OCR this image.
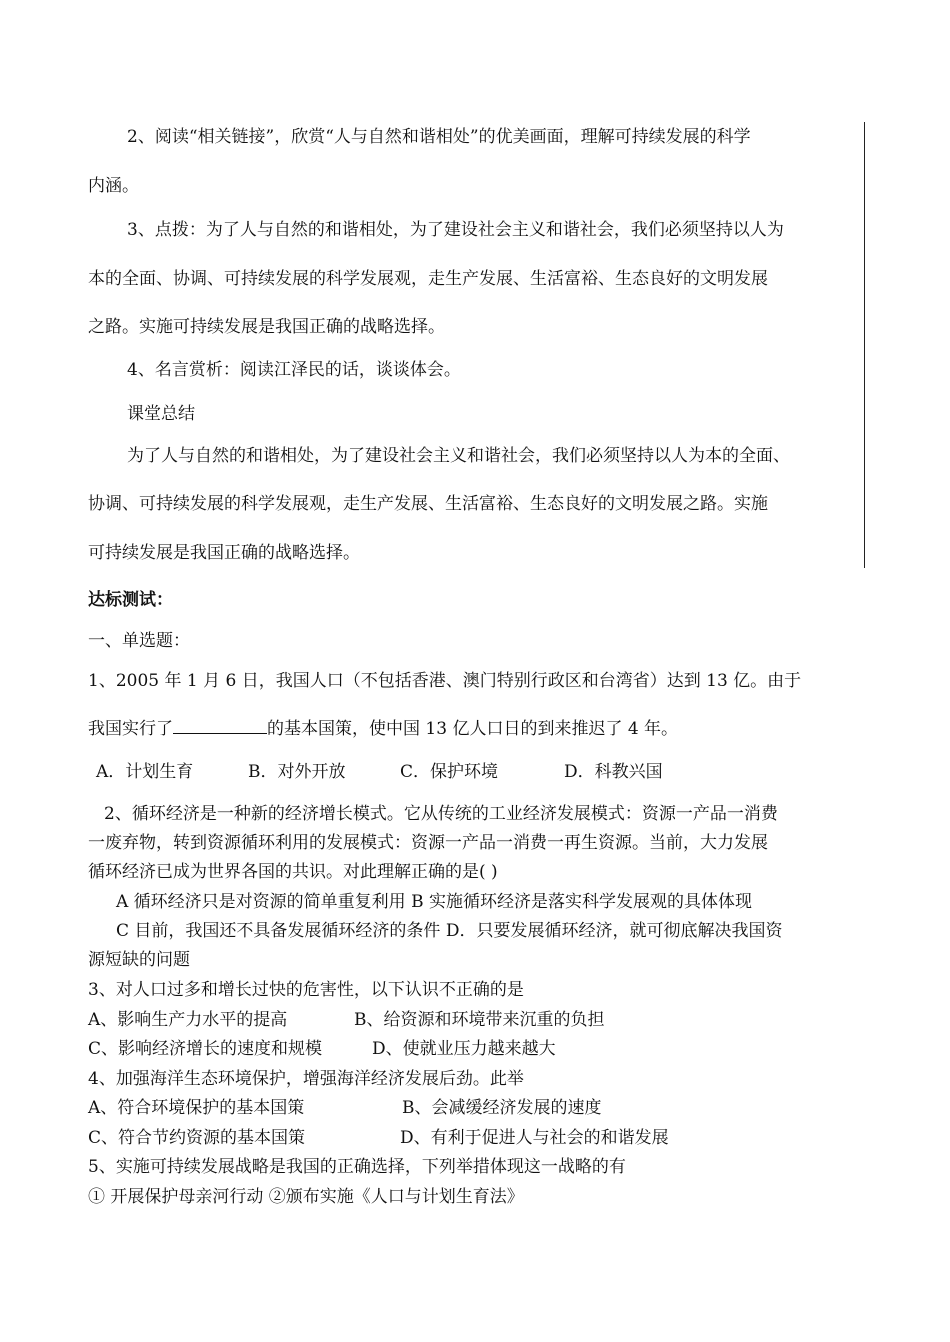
2、阅读“相关链接”，欣赏“人与自然和谐相处”的优美画面，理解可持续发展的科学
内涵。
3、点拨：为了人与自然的和谐相处，为了建设社会主义和谐社会，我们必须坚持以人为
本的全面、协调、可持续发展的科学发展观，走生产发展、生活富裕、生态良好的文明发展
之路。实施可持续发展是我国正确的战略选择。
4、名言赏析：阅读江泽民的话，谈谈体会。
课堂总结
为了人与自然的和谐相处，为了建设社会主义和谐社会，我们必须坚持以人为本的全面、
协调、可持续发展的科学发展观，走生产发展、生活富裕、生态良好的文明发展之路。实施
可持续发展是我国正确的战略选择。
达标测试：
一、单选题：
1、2005 年 1 月 6 日，我国人口（不包括香港、澳门特别行政区和台湾省）达到 13 亿。由于
我国实行了	的基本国策，使中国 13 亿人口日的到来推迟了 4 年。
A．计划生育	B．对外开放	C．保护环境	D．科教兴国
2、循环经济是一种新的经济增长模式。它从传统的工业经济发展模式：资源一产品一消费
一废弃物，转到资源循环利用的发展模式：资源一产品一消费一再生资源。当前，大力发展
循环经济已成为世界各国的共识。对此理解正确的是( )
A 循环经济只是对资源的简单重复利用 B 实施循环经济是落实科学发展观的具体体现
C 目前，我国还不具备发展循环经济的条件 D．只要发展循环经济，就可彻底解决我国资
源短缺的问题
3、对人口过多和增长过快的危害性，以下认识不正确的是
A、影响生产力水平的提高	B、给资源和环境带来沉重的负担
C、影响经济增长的速度和规模	D、使就业压力越来越大
4、加强海洋生态环境保护，增强海洋经济发展后劲。此举
A、符合环境保护的基本国策	B、会减缓经济发展的速度
C、符合节约资源的基本国策	D、有利于促进人与社会的和谐发展
5、实施可持续发展战略是我国的正确选择，下列举措体现这一战略的有
① 开展保护母亲河行动 ②颁布实施《人口与计划生育法》
